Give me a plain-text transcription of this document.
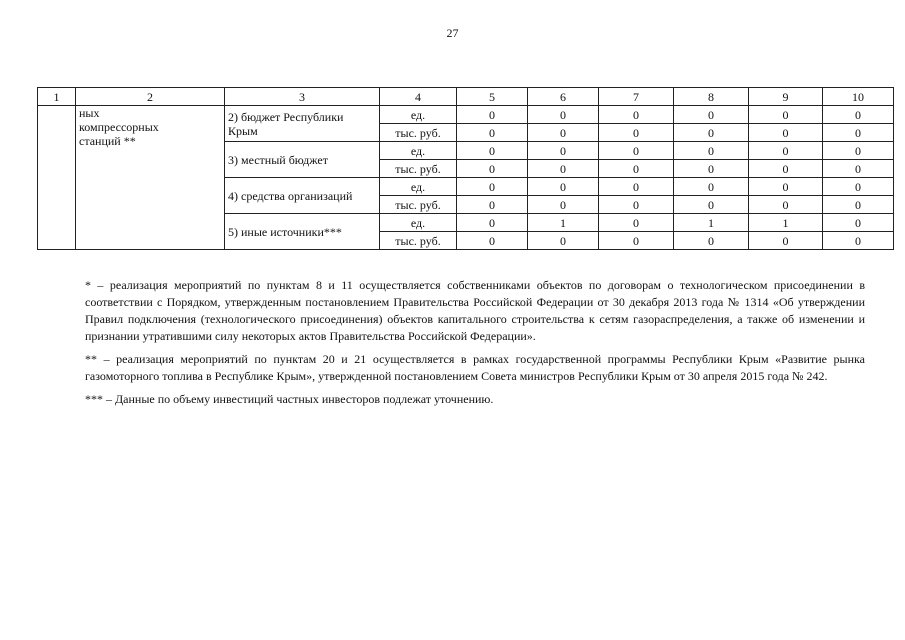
27
1	2	3	4	5	6	7	8	9	10
	ных
компрессорных
станций **	2) бюджет Республики Крым	ед.	0	0	0	0	0	0
			тыс. руб.	0	0	0	0	0	0
		3) местный бюджет	ед.	0	0	0	0	0	0
			тыс. руб.	0	0	0	0	0	0
		4) средства организаций	ед.	0	0	0	0	0	0
			тыс. руб.	0	0	0	0	0	0
		5) иные источники***	ед.	0	1	0	1	1	0
			тыс. руб.	0	0	0	0	0	0

* – реализация мероприятий по пунктам 8 и 11 осуществляется собственниками объектов по договорам о технологическом присоединении в соответствии с Порядком, утвержденным постановлением Правительства Российской Федерации от 30 декабря 2013 года № 1314 «Об утверждении Правил подключения (технологического присоединения) объектов капитального строительства к сетям газораспределения, а также об изменении и признании утратившими силу некоторых актов Правительства Российской Федерации».

** – реализация мероприятий по пунктам 20 и 21 осуществляется в рамках государственной программы Республики Крым «Развитие рынка газомоторного топлива в Республике Крым», утвержденной постановлением Совета министров Республики Крым от 30 апреля 2015 года № 242.

*** – Данные по объему инвестиций частных инвесторов подлежат уточнению.
